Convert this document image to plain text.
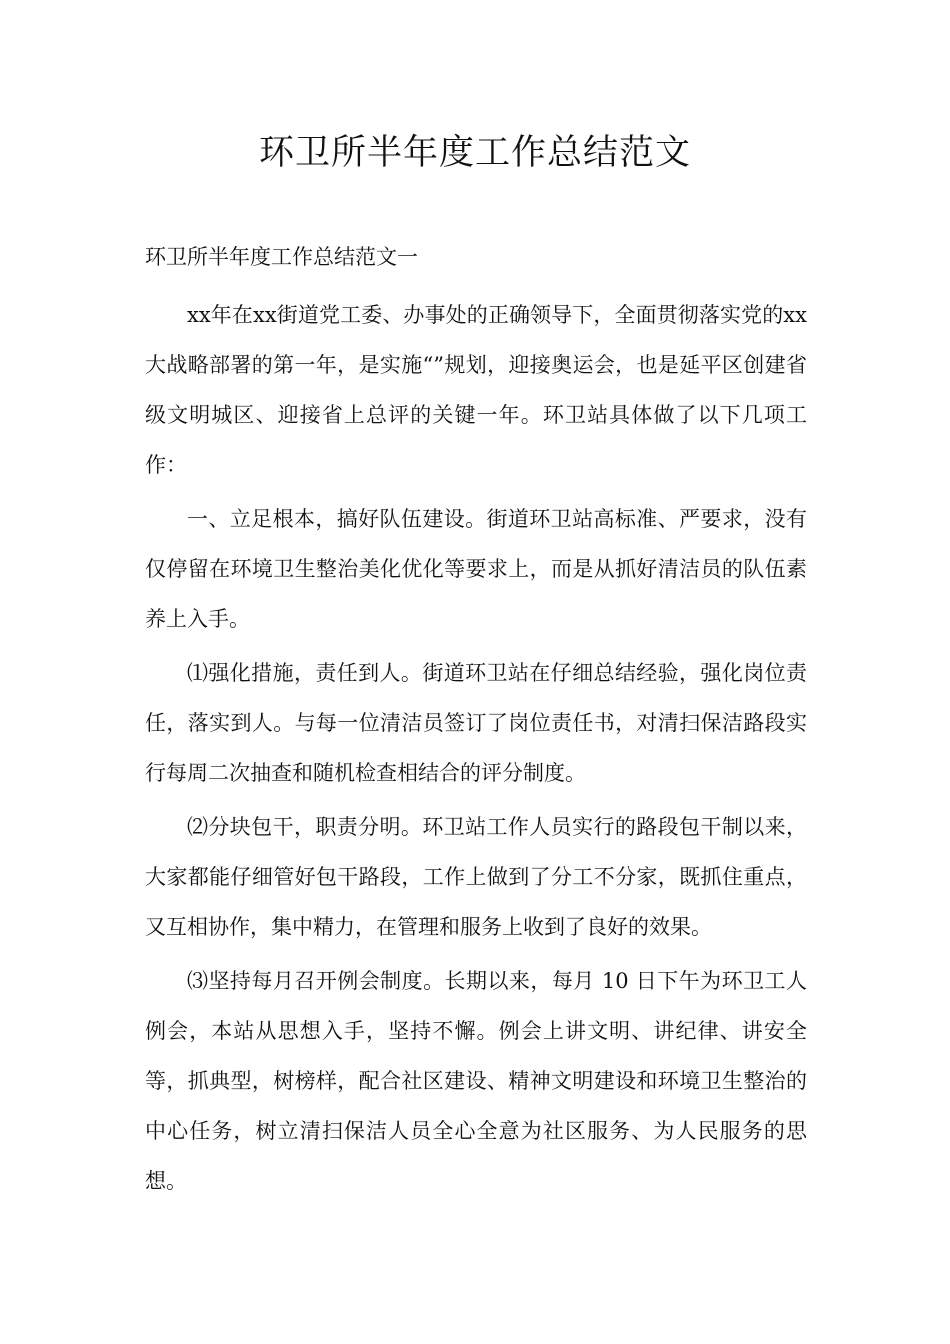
环卫所半年度工作总结范文

环卫所半年度工作总结范文一

xx年在xx街道党工委、办事处的正确领导下，全面贯彻落实党的xx大战略部署的第一年，是实施“”规划，迎接奥运会，也是延平区创建省级文明城区、迎接省上总评的关键一年。环卫站具体做了以下几项工作：

一、立足根本，搞好队伍建设。街道环卫站高标准、严要求，没有仅停留在环境卫生整治美化优化等要求上，而是从抓好清洁员的队伍素养上入手。

⑴强化措施，责任到人。街道环卫站在仔细总结经验，强化岗位责任，落实到人。与每一位清洁员签订了岗位责任书，对清扫保洁路段实行每周二次抽查和随机检查相结合的评分制度。

⑵分块包干，职责分明。环卫站工作人员实行的路段包干制以来，大家都能仔细管好包干路段，工作上做到了分工不分家，既抓住重点，又互相协作，集中精力，在管理和服务上收到了良好的效果。

⑶坚持每月召开例会制度。长期以来，每月 10 日下午为环卫工人例会，本站从思想入手，坚持不懈。例会上讲文明、讲纪律、讲安全等，抓典型，树榜样，配合社区建设、精神文明建设和环境卫生整治的中心任务，树立清扫保洁人员全心全意为社区服务、为人民服务的思想。
